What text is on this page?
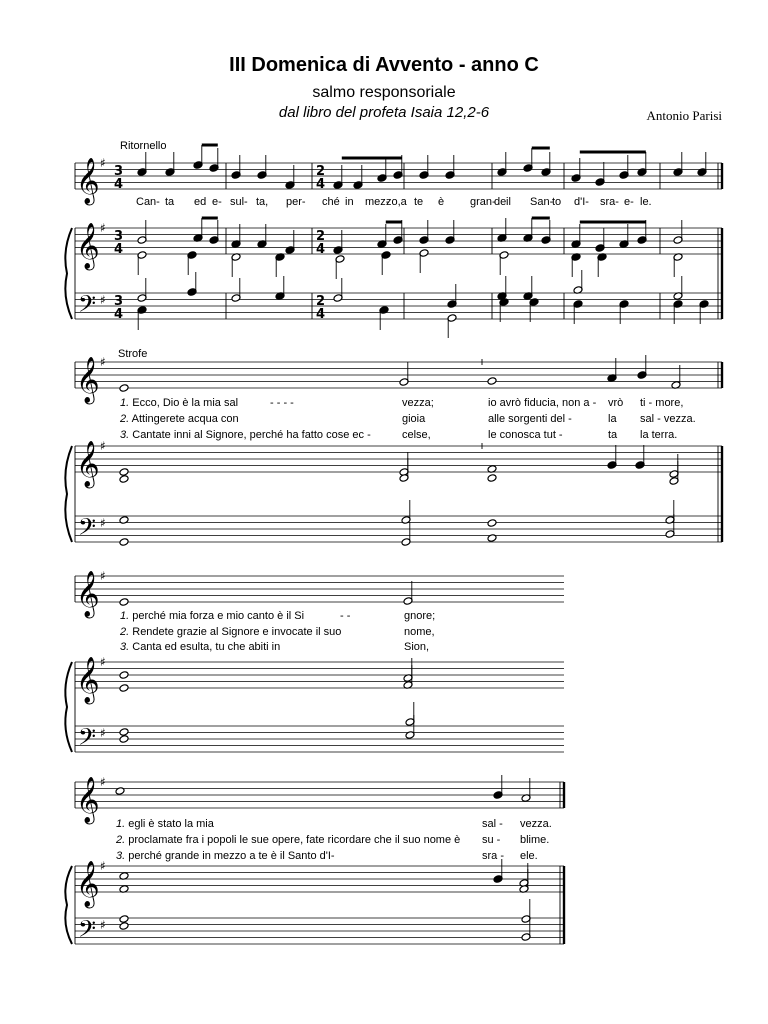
III Domenica di Avvento - anno C
salmo responsoriale
dal libro del profeta Isaia 12,2-6	Antonio Parisi
Ritornello
Strofe
𝄞
𝄞
𝄢
♯
♯
♯
3
4
3
4
3
4
2
4
2
4
2
4
𝄞
𝄞
𝄢
♯
♯
♯
𝄞
𝄞
𝄢
♯
♯
♯
𝄞
𝄞
𝄢
♯
♯
♯
Can- ta ed e- sul- ta, per- ché in mez-
zo,a te è gran-
de il San-
to d'I- sra- e- le.
1. Ecco, Dio è la mia sal	- - - -	vezza;	io avrò fiducia, non a - vrò ti - more,
2. Attingerete acqua con	gioia	alle sorgenti del -	la sal - vezza.
3. Cantate inni al Signore, perché ha fatto cose ec -	celse,	le conosca tut -	ta la terra.
1. perché mia forza e mio canto è il Si	- -	gnore;
2. Rendete grazie al Signore e invocate il suo	nome,
3. Canta ed esulta, tu che abiti in	Sion,
1. egli è stato la mia	sal - vezza.
2. proclamate fra i popoli le sue opere, fate ricordare che il suo nome è su - blime.
3. perché grande in mezzo a te è il Santo d'I-	sra - ele.
